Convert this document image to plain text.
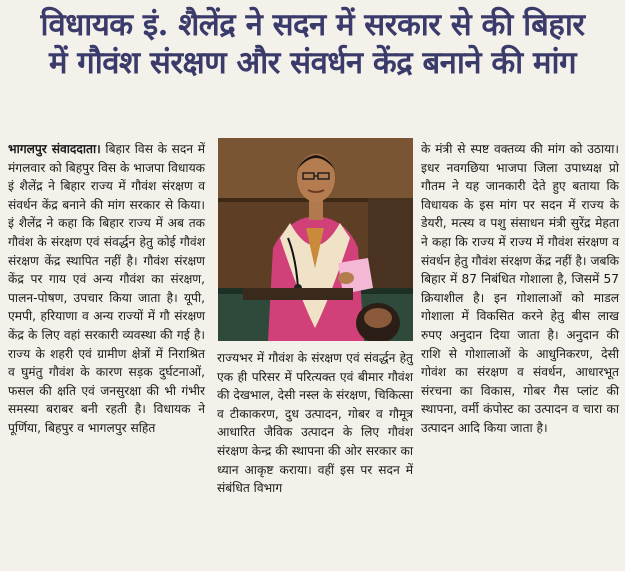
विधायक इं. शैलेंद्र ने सदन में सरकार से की बिहार
में गौवंश संरक्षण और संवर्धन केंद्र बनाने की मांग

भागलपुर संवाददाता। बिहार विस के सदन में मंगलवार को बिहपुर विस के भाजपा विधायक इं शैलेंद्र ने बिहार राज्य में गौवंश संरक्षण व संवर्धन केंद्र बनाने की मांग सरकार से किया। इं शैलेंद्र ने कहा कि बिहार राज्य में अब तक गौवंश के संरक्षण एवं संवर्द्धन हेतु कोई गौवंश संरक्षण केंद्र स्थापित नहीं है। गौवंश संरक्षण केंद्र पर गाय एवं अन्य गौवंश का संरक्षण, पालन-पोषण, उपचार किया जाता है। यूपी, एमपी, हरियाणा व अन्य राज्यों में गौ संरक्षण केंद्र के लिए वहां सरकारी व्यवस्था की गई है। राज्य के शहरी एवं ग्रामीण क्षेत्रों में निराश्रित व घुमंतु गौवंश के कारण सड़क दुर्घटनाओं, फसल की क्षति एवं जनसुरक्षा की भी गंभीर समस्या बराबर बनी रहती है। विधायक ने पूर्णिया, बिहपुर व भागलपुर सहित

राज्यभर में गौवंश के संरक्षण एवं संवर्द्धन हेतु एक ही परिसर में परित्यक्त एवं बीमार गौवंश की देखभाल, देसी नस्ल के संरक्षण, चिकित्सा व टीकाकरण, दुध उत्पादन, गोबर व गौमूत्र आधारित जैविक उत्पादन के लिए गौवंश संरक्षण केन्द्र की स्थापना की ओर सरकार का ध्यान आकृष्ट कराया। वहीं इस पर सदन में संबंधित विभाग

के मंत्री से स्पष्ट वक्तव्य की मांग को उठाया।इधर नवगछिया भाजपा जिला उपाध्यक्ष प्रो गौतम ने यह जानकारी देते हुए बताया कि विधायक के इस मांग पर सदन में राज्य के डेयरी, मत्स्य व पशु संसाधन मंत्री सुरेंद्र मेहता ने कहा कि राज्य में राज्य में गौवंश संरक्षण व संवर्धन हेतु गौवंश संरक्षण केंद्र नहीं है। जबकि बिहार में 87 निबंधित गोशाला है, जिसमें 57 क्रियाशील है। इन गोशालाओं को माडल गोशाला में विकसित करने हेतु बीस लाख रुपए अनुदान दिया जाता है। अनुदान की राशि से गोशालाओं के आधुनिकरण, देसी गोवंश का संरक्षण व संवर्धन, आधारभूत संरचना का विकास, गोबर गैस प्लांट की स्थापना, वर्मी कंपोस्ट का उत्पादन व चारा का उत्पादन आदि किया जाता है।
